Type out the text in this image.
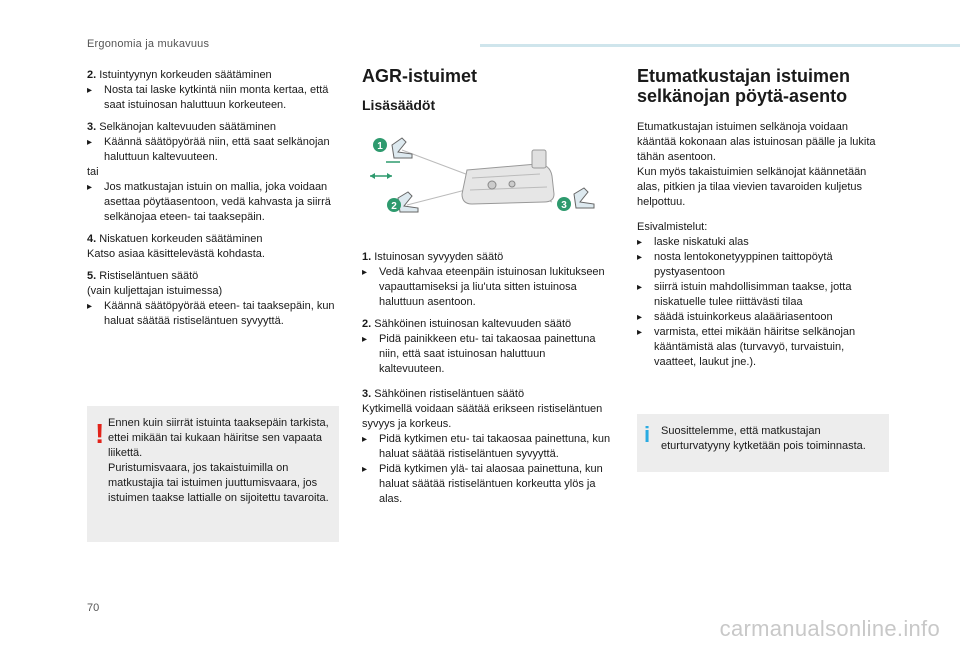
Ergonomia ja mukavuus

2. Istuintyynyn korkeuden säätäminen

▸ Nosta tai laske kytkintä niin monta kertaa, että saat istuinosan haluttuun korkeuteen.

3. Selkänojan kaltevuuden säätäminen

▸ Käännä säätöpyörää niin, että saat selkänojan haluttuun kaltevuuteen.

tai

▸ Jos matkustajan istuin on mallia, joka voidaan asettaa pöytäasentoon, vedä kahvasta ja siirrä selkänojaa eteen- tai taaksepäin.

4. Niskatuen korkeuden säätäminen

Katso asiaa käsittelevästä kohdasta.

5. Ristiseläntuen säätö

(vain kuljettajan istuimessa)

▸ Käännä säätöpyörää eteen- tai taaksepäin, kun haluat säätää ristiseläntuen syvyyttä.

! Ennen kuin siirrät istuinta taaksepäin tarkista, ettei mikään tai kukaan häiritse sen vapaata liikettä.

Puristumisvaara, jos takaistuimilla on matkustajia tai istuimen juuttumisvaara, jos istuimen taakse lattialle on sijoitettu tavaroita.

AGR-istuimet
Lisäsäädöt
1
2	3

1. Istuinosan syvyyden säätö

▸ Vedä kahvaa eteenpäin istuinosan lukitukseen vapauttamiseksi ja liu'uta sitten istuinosa haluttuun asentoon.

2. Sähköinen istuinosan kaltevuuden säätö

▸ Pidä painikkeen etu- tai takaosaa painettuna niin, että saat istuinosan haluttuun kaltevuuteen.

3. Sähköinen ristiseläntuen säätö

Kytkimellä voidaan säätää erikseen ristiseläntuen syvyys ja korkeus.

▸ Pidä kytkimen etu- tai takaosaa painettuna, kun haluat säätää ristiseläntuen syvyyttä.

▸ Pidä kytkimen ylä- tai alaosaa painettuna, kun haluat säätää ristiseläntuen korkeutta ylös ja alas.

Etumatkustajan istuimen
selkänojan pöytä-asento

Etumatkustajan istuimen selkänoja voidaan kääntää kokonaan alas istuinosan päälle ja lukita tähän asentoon.

Kun myös takaistuimien selkänojat käännetään alas, pitkien ja tilaa vievien tavaroiden kuljetus helpottuu.

Esivalmistelut:

▸ laske niskatuki alas

▸ nosta lentokonetyyppinen taittopöytä pystyasentoon

▸ siirrä istuin mahdollisimman taakse, jotta niskatuelle tulee riittävästi tilaa

▸ säädä istuinkorkeus alaääriasentoon

▸ varmista, ettei mikään häiritse selkänojan kääntämistä alas (turvavyö, turvaistuin, vaatteet, laukut jne.).

i Suosittelemme, että matkustajan eturturvatyyny kytketään pois toiminnasta.
70
carmanualsonline.info
